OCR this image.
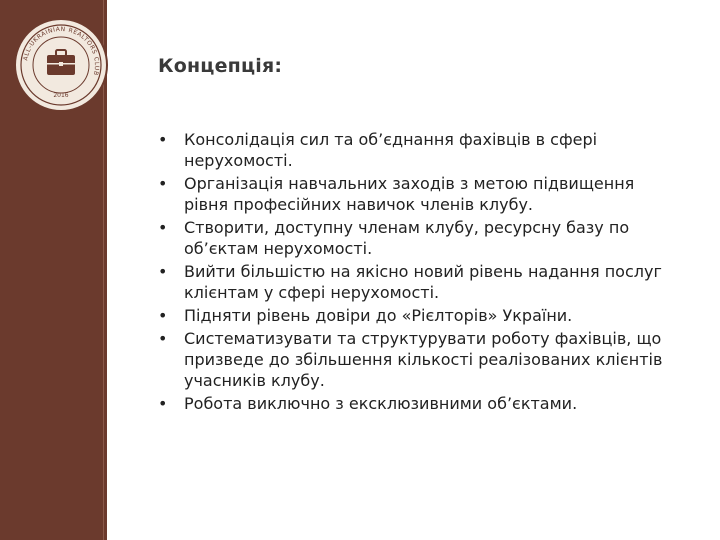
ALL-UKRAINIAN REALTORS CLUB
2016
Концепція:
• Консолідація сил та об’єднання фахівців в сфері нерухомості.
• Організація навчальних заходів з метою підвищення рівня професійних навичок членів клубу.
• Створити, доступну членам клубу, ресурсну базу по об’єктам нерухомості.
• Вийти більшістю на якісно новий рівень надання послуг клієнтам у сфері нерухомості.
• Підняти рівень довіри до «Рієлторів» України.
• Систематизувати та структурувати роботу фахівців, що призведе до збільшення кількості реалізованих клієнтів учасників клубу.
• Робота виключно з ексклюзивними об’єктами.
